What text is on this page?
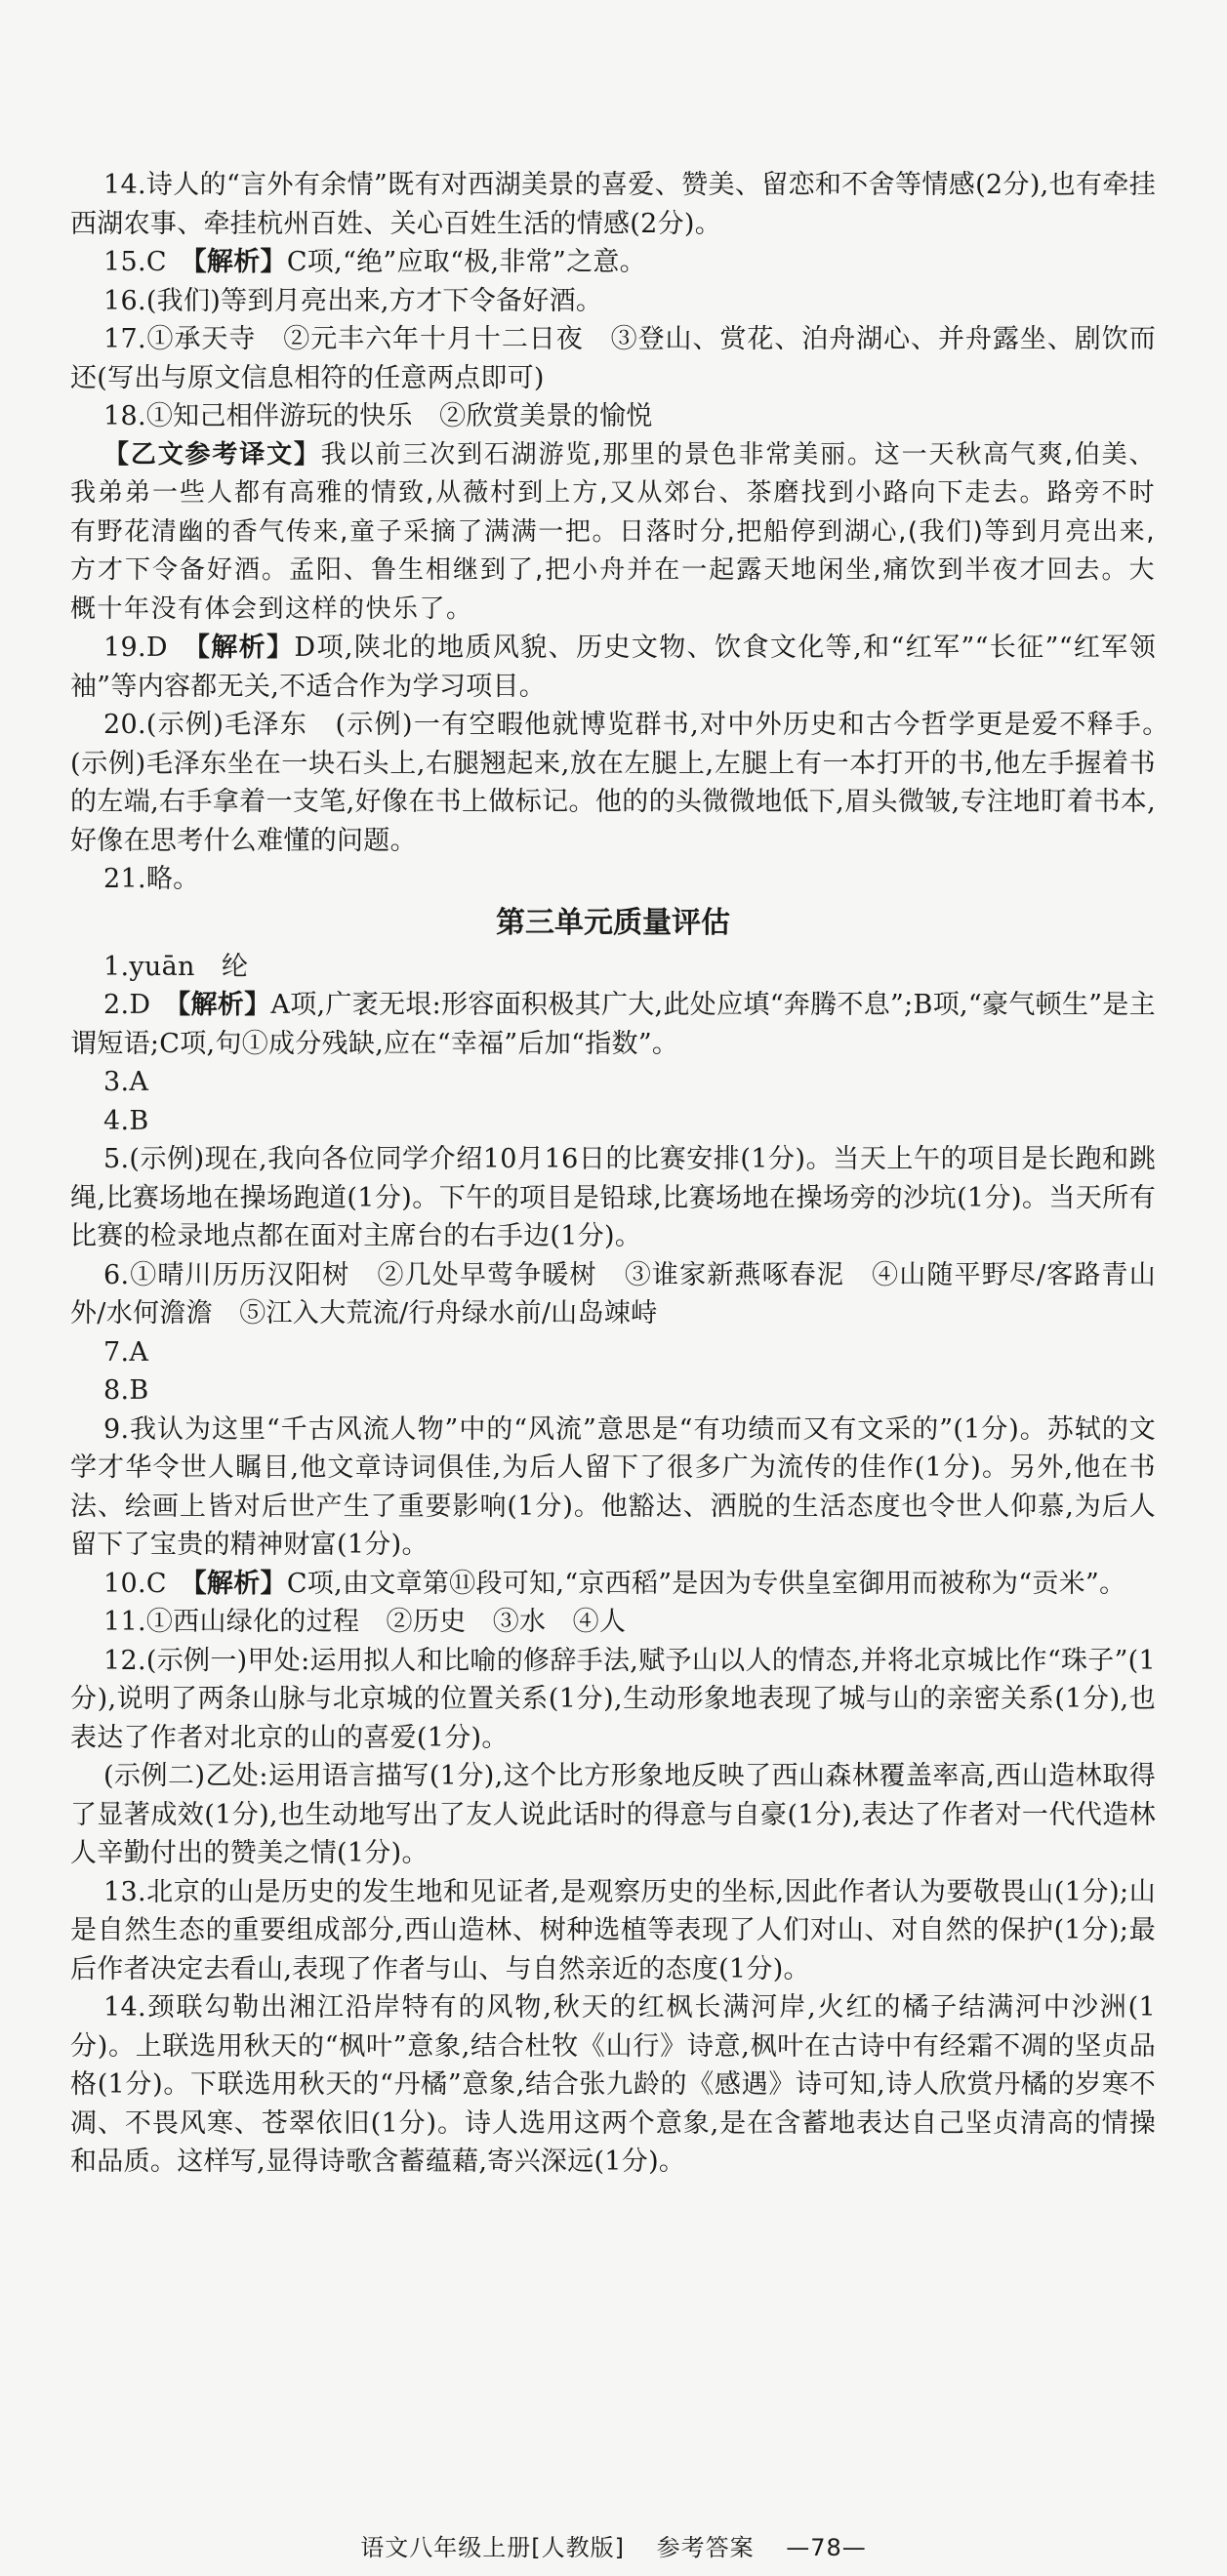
14.诗人的“言外有余情”既有对西湖美景的喜爱、赞美、留恋和不舍等情感(2分),也有牵挂西湖农事、牵挂杭州百姓、关心百姓生活的情感(2分)。

15.C　 【解析】C项,“绝”应取“极,非常”之意。

16.(我们)等到月亮出来,方才下令备好酒。

17.①承天寺　②元丰六年十月十二日夜　③登山、赏花、泊舟湖心、并舟露坐、剧饮而还(写出与原文信息相符的任意两点即可)

18.①知己相伴游玩的快乐　②欣赏美景的愉悦

【乙文参考译文】我以前三次到石湖游览,那里的景色非常美丽。这一天秋高气爽,伯美、我弟弟一些人都有高雅的情致,从薇村到上方,又从郊台、茶磨找到小路向下走去。路旁不时有野花清幽的香气传来,童子采摘了满满一把。日落时分,把船停到湖心,(我们)等到月亮出来,方才下令备好酒。孟阳、鲁生相继到了,把小舟并在一起露天地闲坐,痛饮到半夜才回去。大概十年没有体会到这样的快乐了。

19.D　 【解析】D项,陕北的地质风貌、历史文物、饮食文化等,和“红军”“长征”“红军领袖”等内容都无关,不适合作为学习项目。

20.(示例)毛泽东　(示例)一有空暇他就博览群书,对中外历史和古今哲学更是爱不释手。　(示例)毛泽东坐在一块石头上,右腿翘起来,放在左腿上,左腿上有一本打开的书,他左手握着书的左端,右手拿着一支笔,好像在书上做标记。他的的头微微地低下,眉头微皱,专注地盯着书本,好像在思考什么难懂的问题。

21.略。

第三单元质量评估

1.yuān　纶

2.D　 【解析】A项,广袤无垠:形容面积极其广大,此处应填“奔腾不息”;B项,“豪气顿生”是主谓短语;C项,句①成分残缺,应在“幸福”后加“指数”。

3.A

4.B

5.(示例)现在,我向各位同学介绍10月16日的比赛安排(1分)。当天上午的项目是长跑和跳绳,比赛场地在操场跑道(1分)。下午的项目是铅球,比赛场地在操场旁的沙坑(1分)。当天所有比赛的检录地点都在面对主席台的右手边(1分)。

6.①晴川历历汉阳树　②几处早莺争暖树　③谁家新燕啄春泥　④山随平野尽/客路青山外/水何澹澹　⑤江入大荒流/行舟绿水前/山岛竦峙

7.A

8.B

9.我认为这里“千古风流人物”中的“风流”意思是“有功绩而又有文采的”(1分)。苏轼的文学才华令世人瞩目,他文章诗词俱佳,为后人留下了很多广为流传的佳作(1分)。另外,他在书法、绘画上皆对后世产生了重要影响(1分)。他豁达、洒脱的生活态度也令世人仰慕,为后人留下了宝贵的精神财富(1分)。

10.C　 【解析】C项,由文章第⑪段可知,“京西稻”是因为专供皇室御用而被称为“贡米”。

11.①西山绿化的过程　②历史　③水　④人

12.(示例一)甲处:运用拟人和比喻的修辞手法,赋予山以人的情态,并将北京城比作“珠子”(1分),说明了两条山脉与北京城的位置关系(1分),生动形象地表现了城与山的亲密关系(1分),也表达了作者对北京的山的喜爱(1分)。

(示例二)乙处:运用语言描写(1分),这个比方形象地反映了西山森林覆盖率高,西山造林取得了显著成效(1分),也生动地写出了友人说此话时的得意与自豪(1分),表达了作者对一代代造林人辛勤付出的赞美之情(1分)。

13.北京的山是历史的发生地和见证者,是观察历史的坐标,因此作者认为要敬畏山(1分);山是自然生态的重要组成部分,西山造林、树种选植等表现了人们对山、对自然的保护(1分);最后作者决定去看山,表现了作者与山、与自然亲近的态度(1分)。

14.颈联勾勒出湘江沿岸特有的风物,秋天的红枫长满河岸,火红的橘子结满河中沙洲(1分)。上联选用秋天的“枫叶”意象,结合杜牧《山行》诗意,枫叶在古诗中有经霜不凋的坚贞品格(1分)。下联选用秋天的“丹橘”意象,结合张九龄的《感遇》诗可知,诗人欣赏丹橘的岁寒不凋、不畏风寒、苍翠依旧(1分)。诗人选用这两个意象,是在含蓄地表达自己坚贞清高的情操和品质。这样写,显得诗歌含蓄蕴藉,寄兴深远(1分)。

语文八年级上册[人教版] 参考答案 —78—
